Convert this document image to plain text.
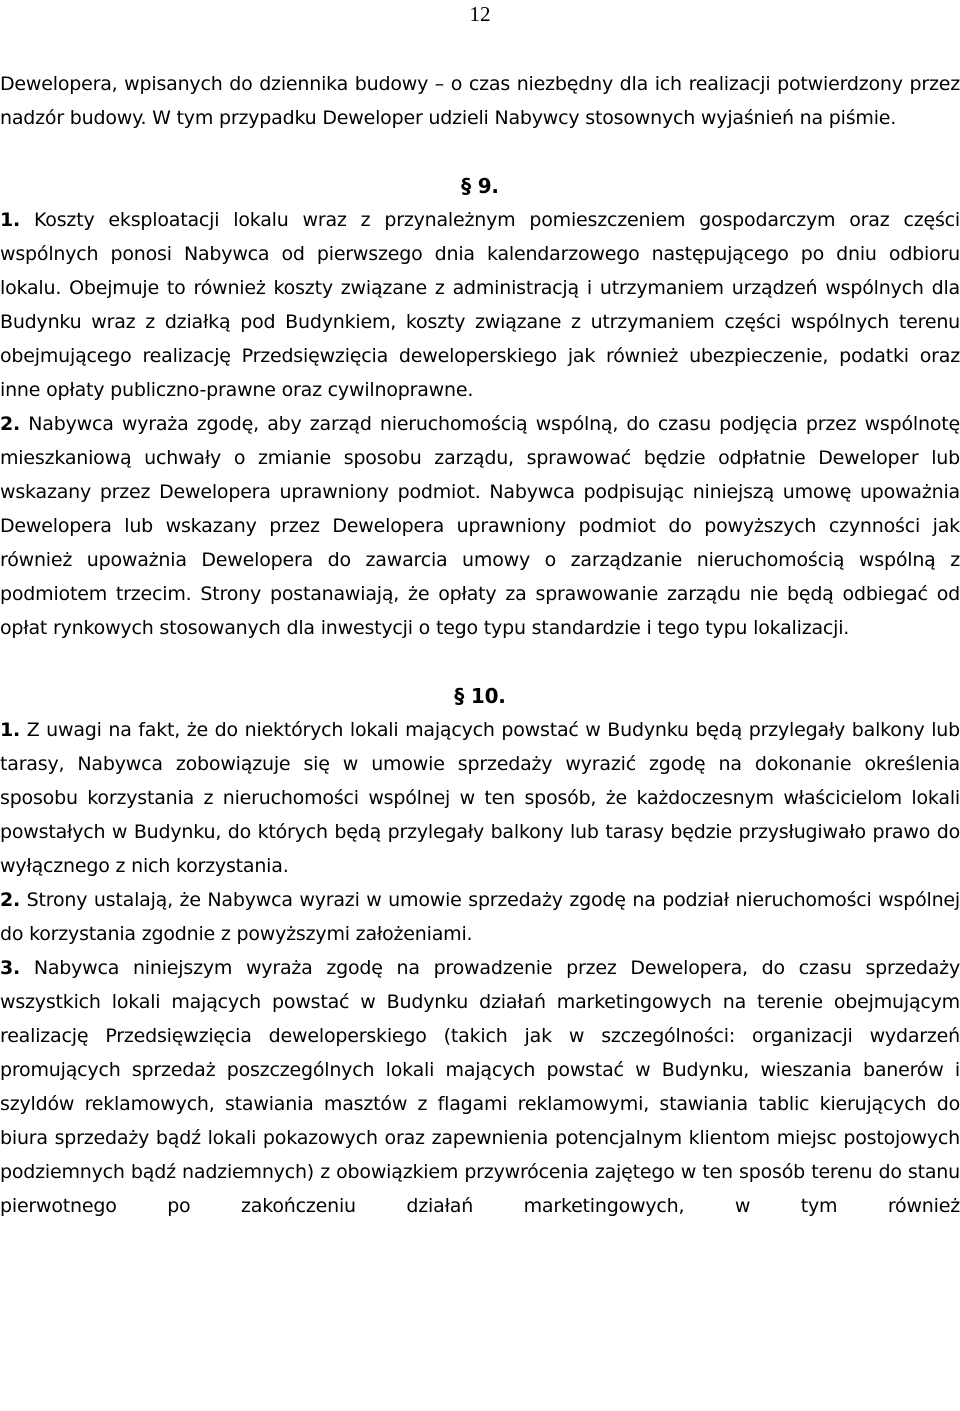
12

Dewelopera, wpisanych do dziennika budowy – o czas niezbędny dla ich realizacji potwierdzony przez nadzór budowy. W tym przypadku Deweloper udzieli Nabywcy stosownych wyjaśnień na piśmie.

§ 9.

1. Koszty eksploatacji lokalu wraz z przynależnym pomieszczeniem gospodarczym oraz części wspólnych ponosi Nabywca od pierwszego dnia kalendarzowego następującego po dniu odbioru lokalu. Obejmuje to również koszty związane z administracją i utrzymaniem urządzeń wspólnych dla Budynku wraz z działką pod Budynkiem, koszty związane z utrzymaniem części wspólnych terenu obejmującego realizację Przedsięwzięcia deweloperskiego jak również ubezpieczenie, podatki oraz inne opłaty publiczno-prawne oraz cywilnoprawne.

2. Nabywca wyraża zgodę, aby zarząd nieruchomością wspólną, do czasu podjęcia przez wspólnotę mieszkaniową uchwały o zmianie sposobu zarządu, sprawować będzie odpłatnie Deweloper lub wskazany przez Dewelopera uprawniony podmiot. Nabywca podpisując niniejszą umowę upoważnia Dewelopera lub wskazany przez Dewelopera uprawniony podmiot do powyższych czynności jak również upoważnia Dewelopera do zawarcia umowy o zarządzanie nieruchomością wspólną z podmiotem trzecim. Strony postanawiają, że opłaty za sprawowanie zarządu nie będą odbiegać od opłat rynkowych stosowanych dla inwestycji o tego typu standardzie i tego typu lokalizacji.

§ 10.

1. Z uwagi na fakt, że do niektórych lokali mających powstać w Budynku będą przylegały balkony lub tarasy, Nabywca zobowiązuje się w umowie sprzedaży wyrazić zgodę na dokonanie określenia sposobu korzystania z nieruchomości wspólnej w ten sposób, że każdoczesnym właścicielom lokali powstałych w Budynku, do których będą przylegały balkony lub tarasy będzie przysługiwało prawo do wyłącznego z nich korzystania.

2. Strony ustalają, że Nabywca wyrazi w umowie sprzedaży zgodę na podział nieruchomości wspólnej do korzystania zgodnie z powyższymi założeniami.

3. Nabywca niniejszym wyraża zgodę na prowadzenie przez Dewelopera, do czasu sprzedaży wszystkich lokali mających powstać w Budynku działań marketingowych na terenie obejmującym realizację Przedsięwzięcia deweloperskiego (takich jak w szczególności: organizacji wydarzeń promujących sprzedaż poszczególnych lokali mających powstać w Budynku, wieszania banerów i szyldów reklamowych, stawiania masztów z flagami reklamowymi, stawiania tablic kierujących do biura sprzedaży bądź lokali pokazowych oraz zapewnienia potencjalnym klientom miejsc postojowych podziemnych bądź nadziemnych) z obowiązkiem przywrócenia zajętego w ten sposób terenu do stanu pierwotnego po zakończeniu działań marketingowych, w tym również
